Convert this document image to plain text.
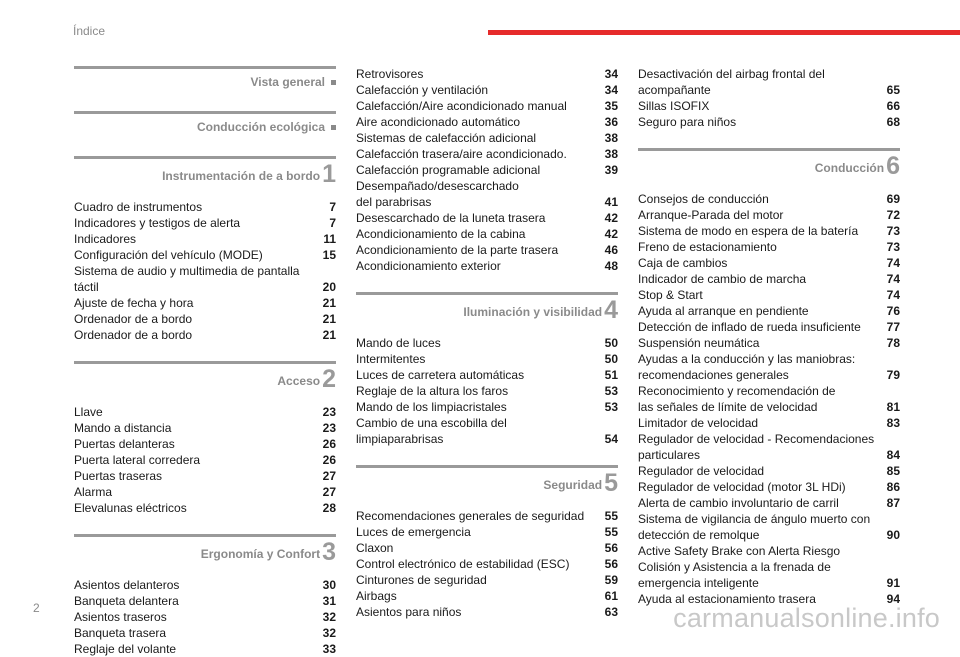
Índice
Vista general
Conducción ecológica
Instrumentación de a bordo1
Cuadro de instrumentos	7
Indicadores y testigos de alerta	7
Indicadores	11
Configuración del vehículo (MODE)	15
Sistema de audio y multimedia de pantalla
táctil	20
Ajuste de fecha y hora	21
Ordenador de a bordo	21
Ordenador de a bordo	21
Acceso2
Llave	23
Mando a distancia	23
Puertas delanteras	26
Puerta lateral corredera	26
Puertas traseras	27
Alarma	27
Elevalunas eléctricos	28
Ergonomía y Confort3
Asientos delanteros	30
Banqueta delantera	31
Asientos traseros	32
Banqueta trasera	32
Reglaje del volante	33
Retrovisores	34
Calefacción y ventilación	34
Calefacción/Aire acondicionado manual	35
Aire acondicionado automático	36
Sistemas de calefacción adicional	38
Calefacción trasera/aire acondicionado.	38
Calefacción programable adicional	39
Desempañado/desescarchado
del parabrisas	41
Desescarchado de la luneta trasera	42
Acondicionamiento de la cabina	42
Acondicionamiento de la parte trasera	46
Acondicionamiento exterior	48
Iluminación y visibilidad4
Mando de luces	50
Intermitentes	50
Luces de carretera automáticas	51
Reglaje de la altura los faros	53
Mando de los limpiacristales	53
Cambio de una escobilla del
limpiaparabrisas	54
Seguridad5
Recomendaciones generales de seguridad	55
Luces de emergencia	55
Claxon	56
Control electrónico de estabilidad (ESC)	56
Cinturones de seguridad	59
Airbags	61
Asientos para niños	63
Desactivación del airbag frontal del
acompañante	65
Sillas ISOFIX	66
Seguro para niños	68
Conducción6
Consejos de conducción	69
Arranque-Parada del motor	72
Sistema de modo en espera de la batería	73
Freno de estacionamiento	73
Caja de cambios	74
Indicador de cambio de marcha	74
Stop & Start	74
Ayuda al arranque en pendiente	76
Detección de inflado de rueda insuficiente	77
Suspensión neumática	78
Ayudas a la conducción y las maniobras:
recomendaciones generales	79
Reconocimiento y recomendación de
las señales de límite de velocidad	81
Limitador de velocidad	83
Regulador de velocidad - Recomendaciones
particulares	84
Regulador de velocidad	85
Regulador de velocidad (motor 3L HDi)	86
Alerta de cambio involuntario de carril	87
Sistema de vigilancia de ángulo muerto con
detección de remolque	90
Active Safety Brake con Alerta Riesgo
Colisión y Asistencia a la frenada de
emergencia inteligente	91
Ayuda al estacionamiento trasera	94
2	carmanualsonline.info
